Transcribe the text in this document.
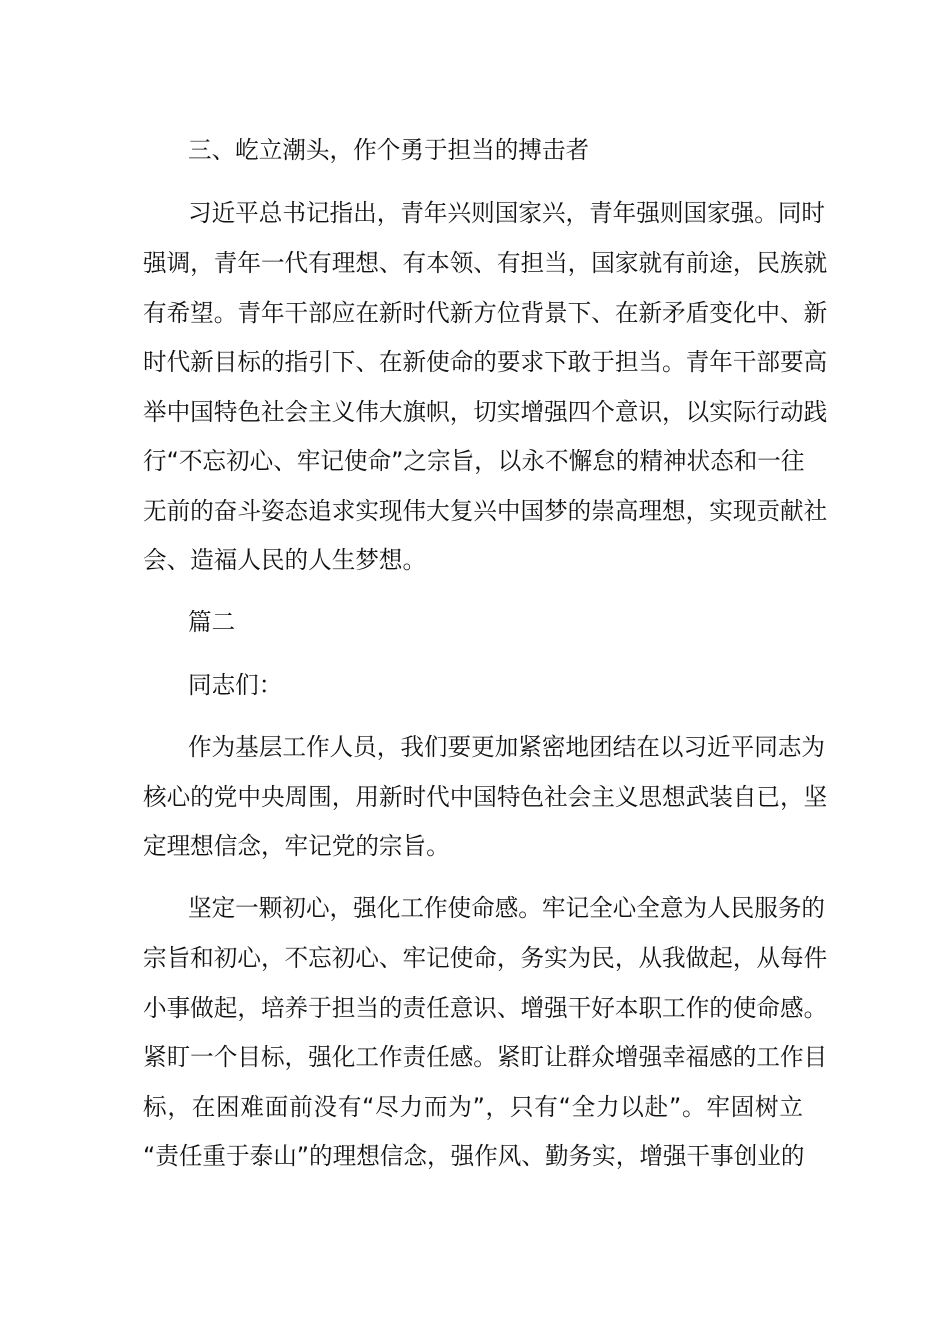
三、屹立潮头，作个勇于担当的搏击者
习近平总书记指出，青年兴则国家兴，青年强则国家强。同时
强调，青年一代有理想、有本领、有担当，国家就有前途，民族就
有希望。青年干部应在新时代新方位背景下、在新矛盾变化中、新
时代新目标的指引下、在新使命的要求下敢于担当。青年干部要高
举中国特色社会主义伟大旗帜，切实增强四个意识，以实际行动践
行“不忘初心、牢记使命”之宗旨，以永不懈怠的精神状态和一往
无前的奋斗姿态追求实现伟大复兴中国梦的崇高理想，实现贡献社
会、造福人民的人生梦想。
篇二
同志们：
作为基层工作人员，我们要更加紧密地团结在以习近平同志为
核心的党中央周围，用新时代中国特色社会主义思想武装自已，坚
定理想信念，牢记党的宗旨。
坚定一颗初心，强化工作使命感。牢记全心全意为人民服务的
宗旨和初心，不忘初心、牢记使命，务实为民，从我做起，从每件
小事做起，培养于担当的责任意识、增强干好本职工作的使命感。
紧盯一个目标，强化工作责任感。紧盯让群众增强幸福感的工作目
标，在困难面前没有“尽力而为”，只有“全力以赴”。牢固树立
“责任重于泰山”的理想信念，强作风、勤务实，增强干事创业的
